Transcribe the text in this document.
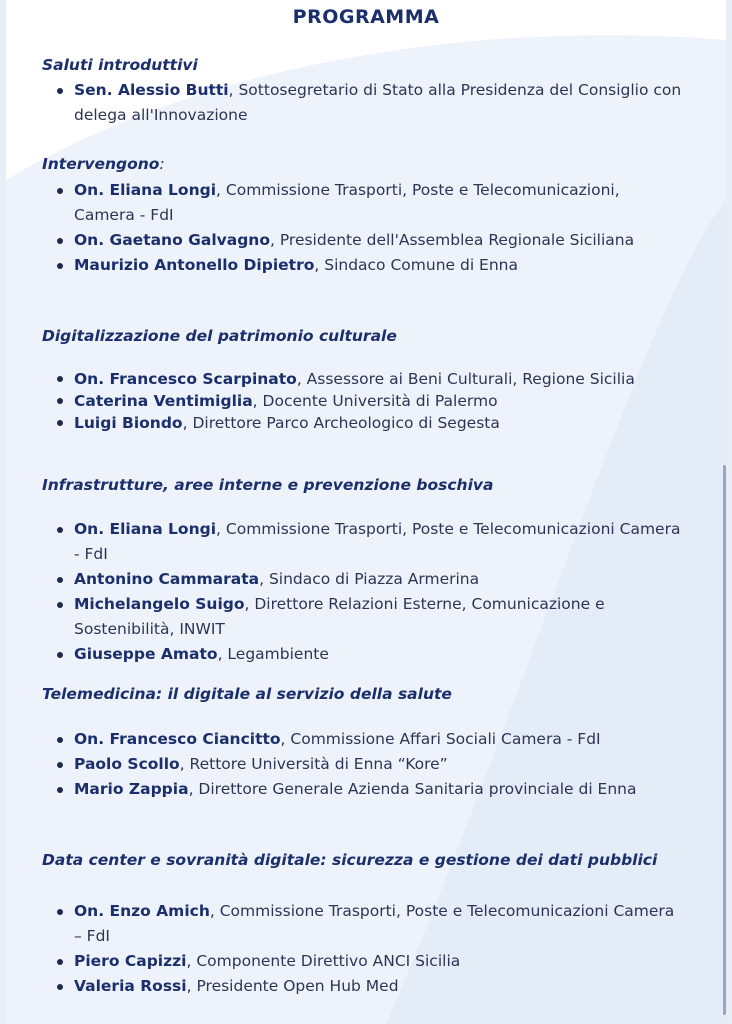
PROGRAMMA

Saluti introduttivi

Sen. Alessio Butti, Sottosegretario di Stato alla Presidenza del Consiglio con delega all'Innovazione

Intervengono:

On. Eliana Longi, Commissione Trasporti, Poste e Telecomunicazioni, Camera - FdI
On. Gaetano Galvagno, Presidente dell'Assemblea Regionale Siciliana
Maurizio Antonello Dipietro, Sindaco Comune di Enna

Digitalizzazione del patrimonio culturale

On. Francesco Scarpinato, Assessore ai Beni Culturali, Regione Sicilia
Caterina Ventimiglia, Docente Università di Palermo
Luigi Biondo, Direttore Parco Archeologico di Segesta

Infrastrutture, aree interne e prevenzione boschiva

On. Eliana Longi, Commissione Trasporti, Poste e Telecomunicazioni Camera - FdI
Antonino Cammarata, Sindaco di Piazza Armerina
Michelangelo Suigo, Direttore Relazioni Esterne, Comunicazione e Sostenibilità, INWIT
Giuseppe Amato, Legambiente

Telemedicina: il digitale al servizio della salute

On. Francesco Ciancitto, Commissione Affari Sociali Camera - FdI
Paolo Scollo, Rettore Università di Enna “Kore”
Mario Zappia, Direttore Generale Azienda Sanitaria provinciale di Enna

Data center e sovranità digitale: sicurezza e gestione dei dati pubblici

On. Enzo Amich, Commissione Trasporti, Poste e Telecomunicazioni Camera – FdI
Piero Capizzi, Componente Direttivo ANCI Sicilia
Valeria Rossi, Presidente Open Hub Med
